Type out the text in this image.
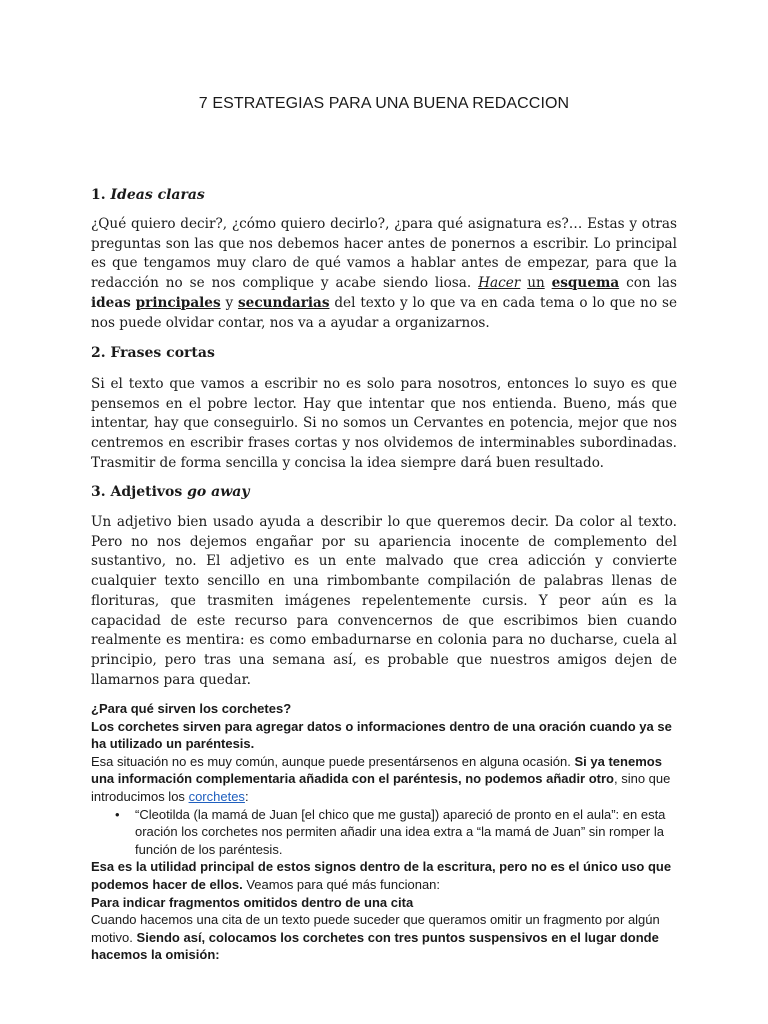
7 ESTRATEGIAS PARA UNA BUENA REDACCION
1. Ideas claras

¿Qué quiero decir?, ¿cómo quiero decirlo?, ¿para qué asignatura es?… Estas y otras preguntas son las que nos debemos hacer antes de ponernos a escribir. Lo principal es que tengamos muy claro de qué vamos a hablar antes de empezar, para que la redacción no se nos complique y acabe siendo liosa. Hacer un esquema con las ideas principales y secundarias del texto y lo que va en cada tema o lo que no se nos puede olvidar contar, nos va a ayudar a organizarnos.

2. Frases cortas

Si el texto que vamos a escribir no es solo para nosotros, entonces lo suyo es que pensemos en el pobre lector. Hay que intentar que nos entienda. Bueno, más que intentar, hay que conseguirlo. Si no somos un Cervantes en potencia, mejor que nos centremos en escribir frases cortas y nos olvidemos de interminables subordinadas. Trasmitir de forma sencilla y concisa la idea siempre dará buen resultado.

3. Adjetivos go away

Un adjetivo bien usado ayuda a describir lo que queremos decir. Da color al texto. Pero no nos dejemos engañar por su apariencia inocente de complemento del sustantivo, no. El adjetivo es un ente malvado que crea adicción y convierte cualquier texto sencillo en una rimbombante compilación de palabras llenas de florituras, que trasmiten imágenes repelentemente cursis. Y peor aún es la capacidad de este recurso para convencernos de que escribimos bien cuando realmente es mentira: es como embadurnarse en colonia para no ducharse, cuela al principio, pero tras una semana así, es probable que nuestros amigos dejen de llamarnos para quedar.

¿Para qué sirven los corchetes?

Los corchetes sirven para agregar datos o informaciones dentro de una oración cuando ya se ha utilizado un paréntesis.

Esa situación no es muy común, aunque puede presentársenos en alguna ocasión. Si ya tenemos una información complementaria añadida con el paréntesis, no podemos añadir otro, sino que introducimos los corchetes:

• “Cleotilda (la mamá de Juan [el chico que me gusta]) apareció de pronto en el aula”: en esta oración los corchetes nos permiten añadir una idea extra a “la mamá de Juan” sin romper la función de los paréntesis.

Esa es la utilidad principal de estos signos dentro de la escritura, pero no es el único uso que podemos hacer de ellos. Veamos para qué más funcionan:

Para indicar fragmentos omitidos dentro de una cita

Cuando hacemos una cita de un texto puede suceder que queramos omitir un fragmento por algún motivo. Siendo así, colocamos los corchetes con tres puntos suspensivos en el lugar donde hacemos la omisión:
